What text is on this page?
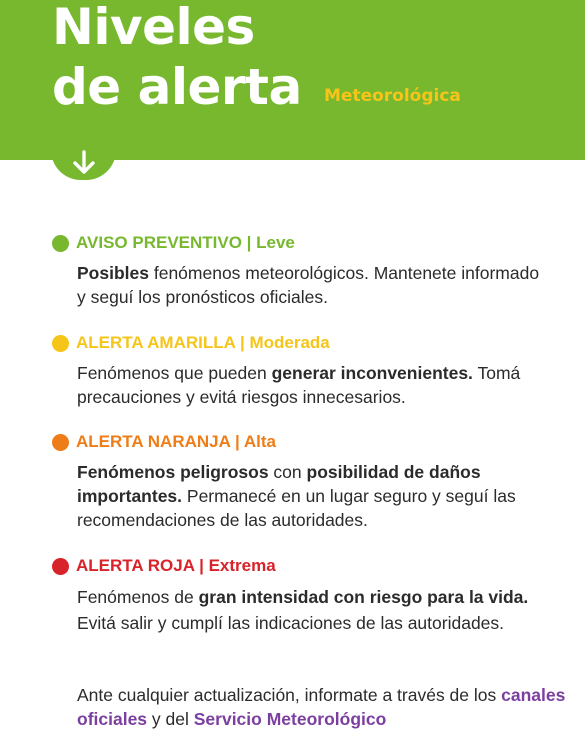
Niveles
de alerta Meteorológica
AVISO PREVENTIVO | Leve
Posibles fenómenos meteorológicos. Mantenete informado y seguí los pronósticos oficiales.
ALERTA AMARILLA | Moderada
Fenómenos que pueden generar inconvenientes. Tomá precauciones y evitá riesgos innecesarios.
ALERTA NARANJA | Alta
Fenómenos peligrosos con posibilidad de daños importantes. Permanecé en un lugar seguro y seguí las recomendaciones de las autoridades.
ALERTA ROJA | Extrema
Fenómenos de gran intensidad con riesgo para la vida. Evitá salir y cumplí las indicaciones de las autoridades.
Ante cualquier actualización, informate a través de los canales oficiales y del Servicio Meteorológico
